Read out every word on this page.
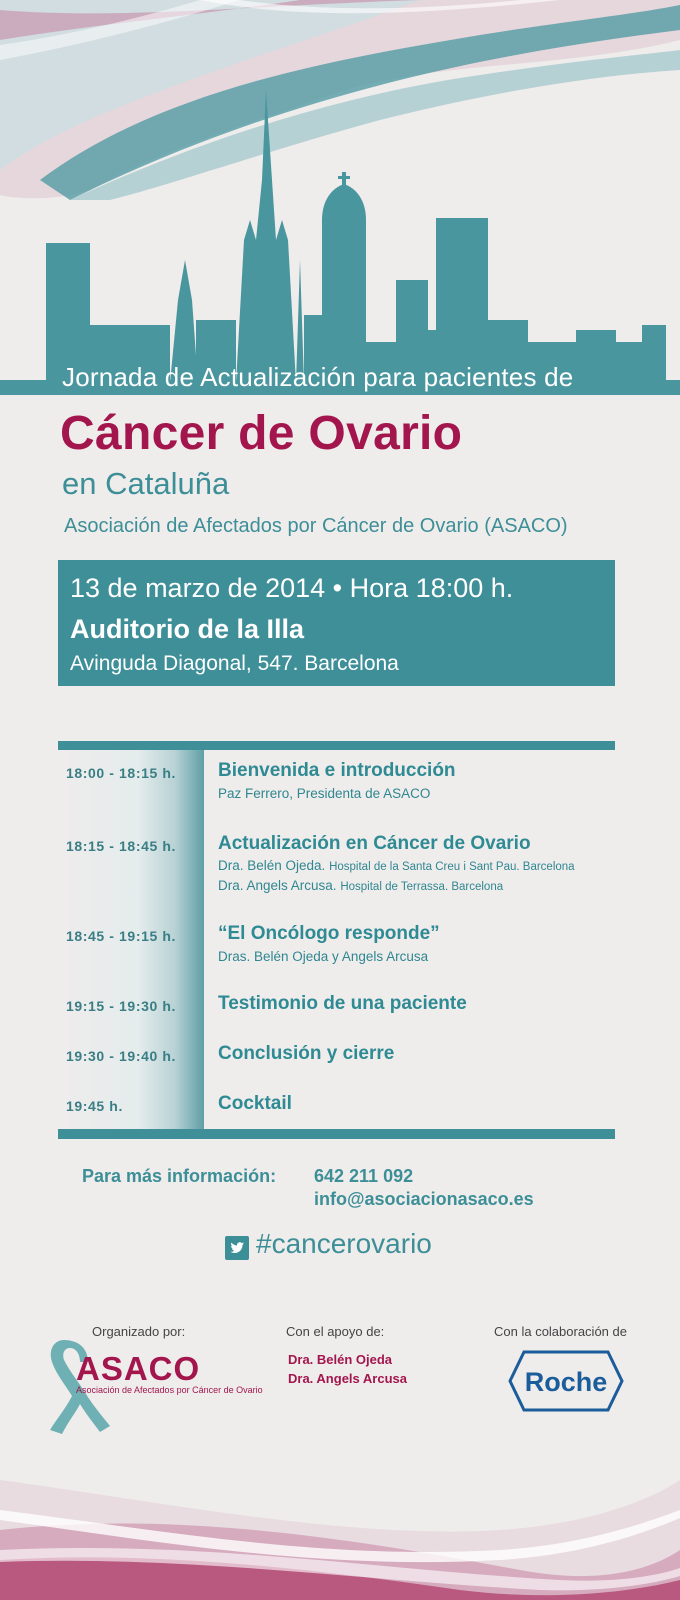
Jornada de Actualización para pacientes de
Cáncer de Ovario
en Cataluña
Asociación de Afectados por Cáncer de Ovario (ASACO)
13 de marzo de 2014 • Hora 18:00 h.
Auditorio de la Illa
Avinguda Diagonal, 547. Barcelona
18:00 - 18:15 h. Bienvenida e introducción
Paz Ferrero, Presidenta de ASACO
18:15 - 18:45 h. Actualización en Cáncer de Ovario
Dra. Belén Ojeda. Hospital de la Santa Creu i Sant Pau. Barcelona
Dra. Angels Arcusa. Hospital de Terrassa. Barcelona
18:45 - 19:15 h. “El Oncólogo responde”
Dras. Belén Ojeda y Angels Arcusa
19:15 - 19:30 h. Testimonio de una paciente
19:30 - 19:40 h. Conclusión y cierre
19:45 h.	Cocktail
Para más información: 642 211 092
info@asociacionasaco.es
#cancerovario
Organizado por:	Con el apoyo de:	Con la colaboración de
ASACO
Asociación de Afectados por Cáncer de Ovario
Dra. Belén Ojeda
Dra. Angels Arcusa	Roche
